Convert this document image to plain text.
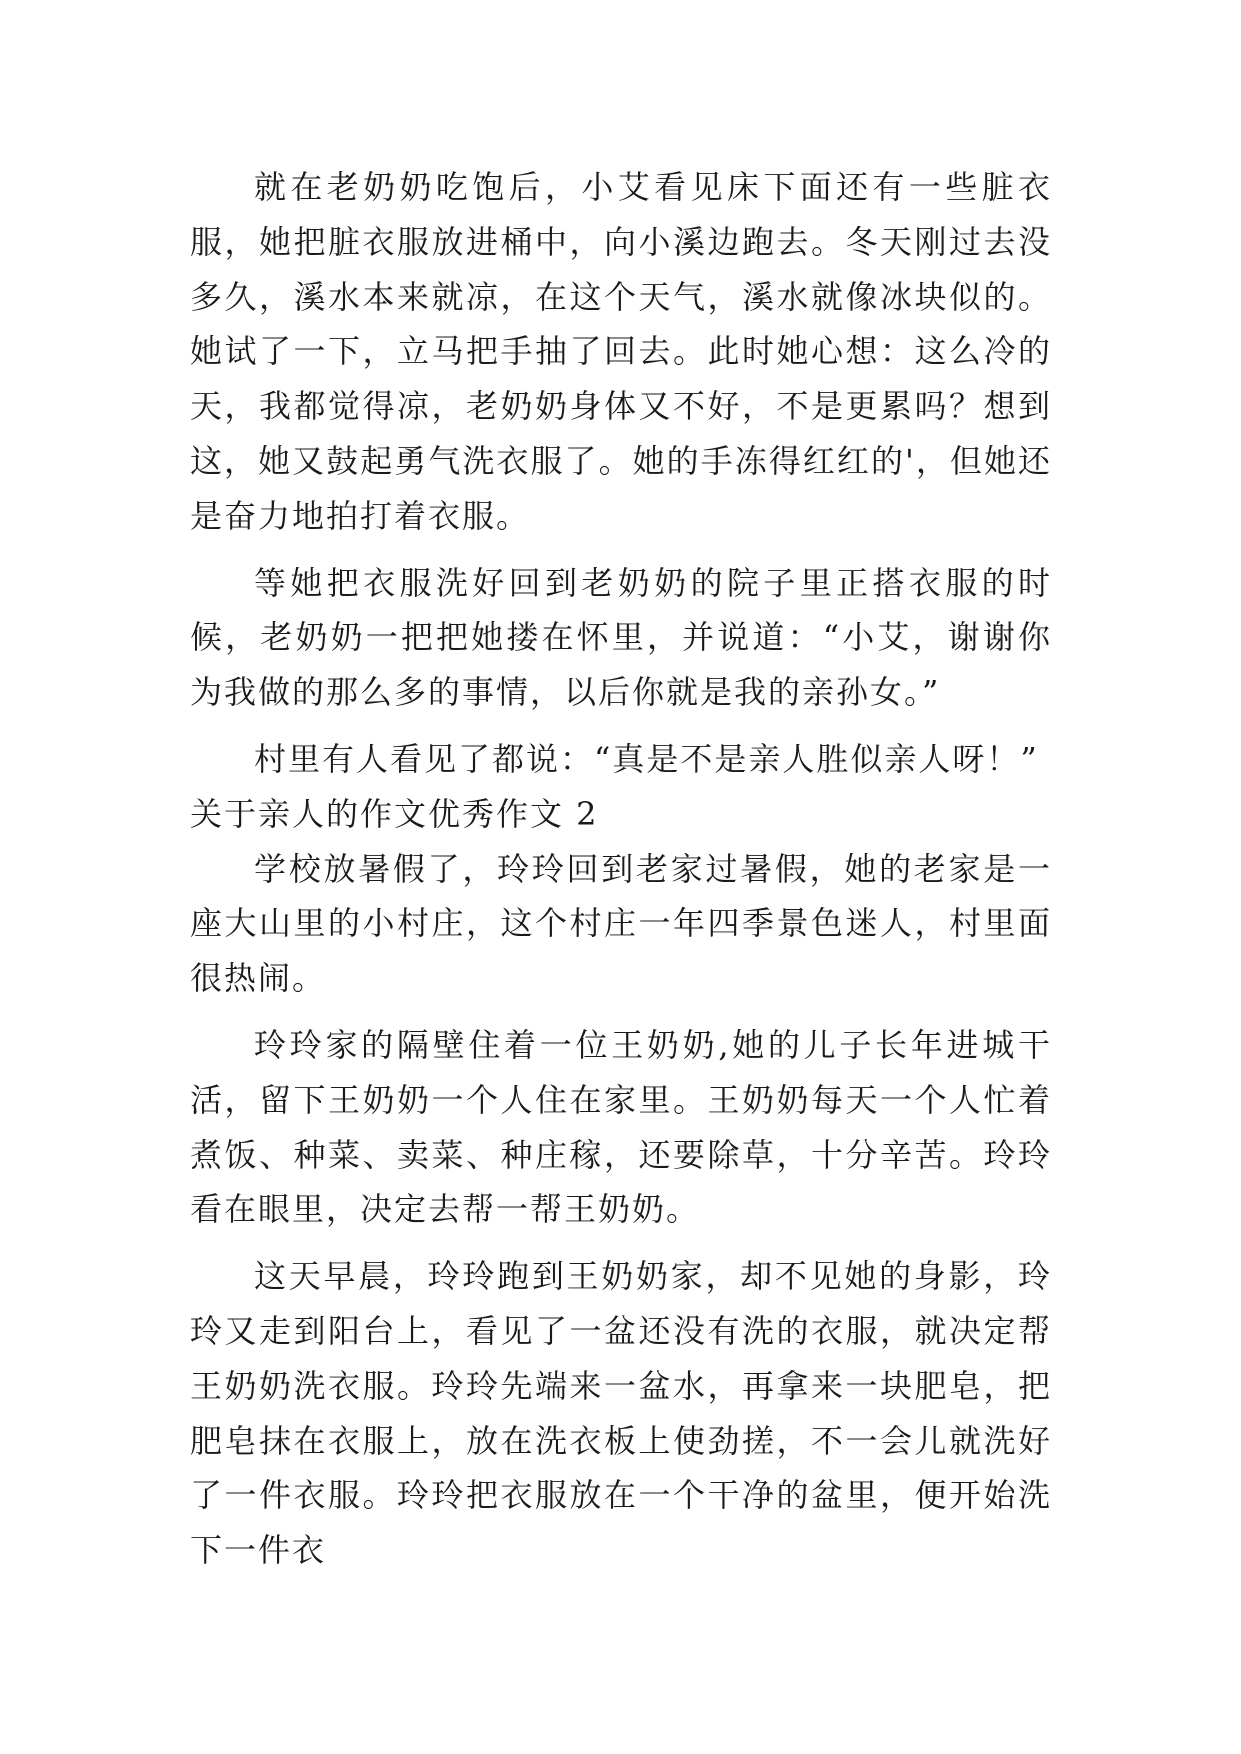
就在老奶奶吃饱后，小艾看见床下面还有一些脏衣服，她把脏衣服放进桶中，向小溪边跑去。冬天刚过去没多久，溪水本来就凉，在这个天气，溪水就像冰块似的。她试了一下，立马把手抽了回去。此时她心想：这么冷的天，我都觉得凉，老奶奶身体又不好，不是更累吗？想到这，她又鼓起勇气洗衣服了。她的手冻得红红的'，但她还是奋力地拍打着衣服。

等她把衣服洗好回到老奶奶的院子里正搭衣服的时候，老奶奶一把把她搂在怀里，并说道：“小艾，谢谢你为我做的那么多的事情，以后你就是我的亲孙女。”

村里有人看见了都说：“真是不是亲人胜似亲人呀！”

关于亲人的作文优秀作文 2

学校放暑假了，玲玲回到老家过暑假，她的老家是一座大山里的小村庄，这个村庄一年四季景色迷人，村里面很热闹。

玲玲家的隔壁住着一位王奶奶,她的儿子长年进城干活，留下王奶奶一个人住在家里。王奶奶每天一个人忙着煮饭、种菜、卖菜、种庄稼，还要除草，十分辛苦。玲玲看在眼里，决定去帮一帮王奶奶。

这天早晨，玲玲跑到王奶奶家，却不见她的身影，玲玲又走到阳台上，看见了一盆还没有洗的衣服，就决定帮王奶奶洗衣服。玲玲先端来一盆水，再拿来一块肥皂，把肥皂抹在衣服上，放在洗衣板上使劲搓，不一会儿就洗好了一件衣服。玲玲把衣服放在一个干净的盆里，便开始洗下一件衣
